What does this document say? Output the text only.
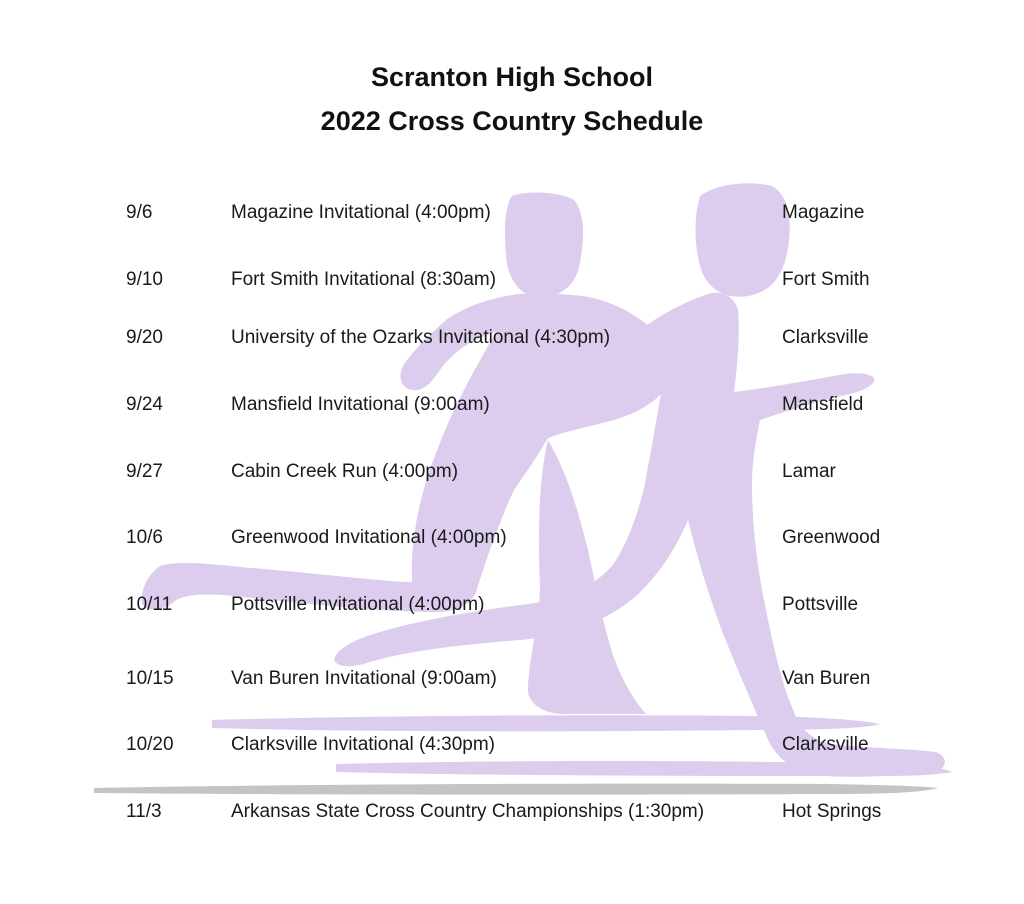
Scranton High School
2022 Cross Country Schedule
9/6	Magazine Invitational (4:00pm)	Magazine
9/10	Fort Smith Invitational (8:30am)	Fort Smith
9/20	University of the Ozarks Invitational (4:30pm)	Clarksville
9/24	Mansfield Invitational (9:00am)	Mansfield
9/27	Cabin Creek Run (4:00pm)	Lamar
10/6	Greenwood Invitational (4:00pm)	Greenwood
10/11	Pottsville Invitational (4:00pm)	Pottsville
10/15	Van Buren Invitational (9:00am)	Van Buren
10/20	Clarksville Invitational (4:30pm)	Clarksville
11/3	Arkansas State Cross Country Championships (1:30pm)	Hot Springs
